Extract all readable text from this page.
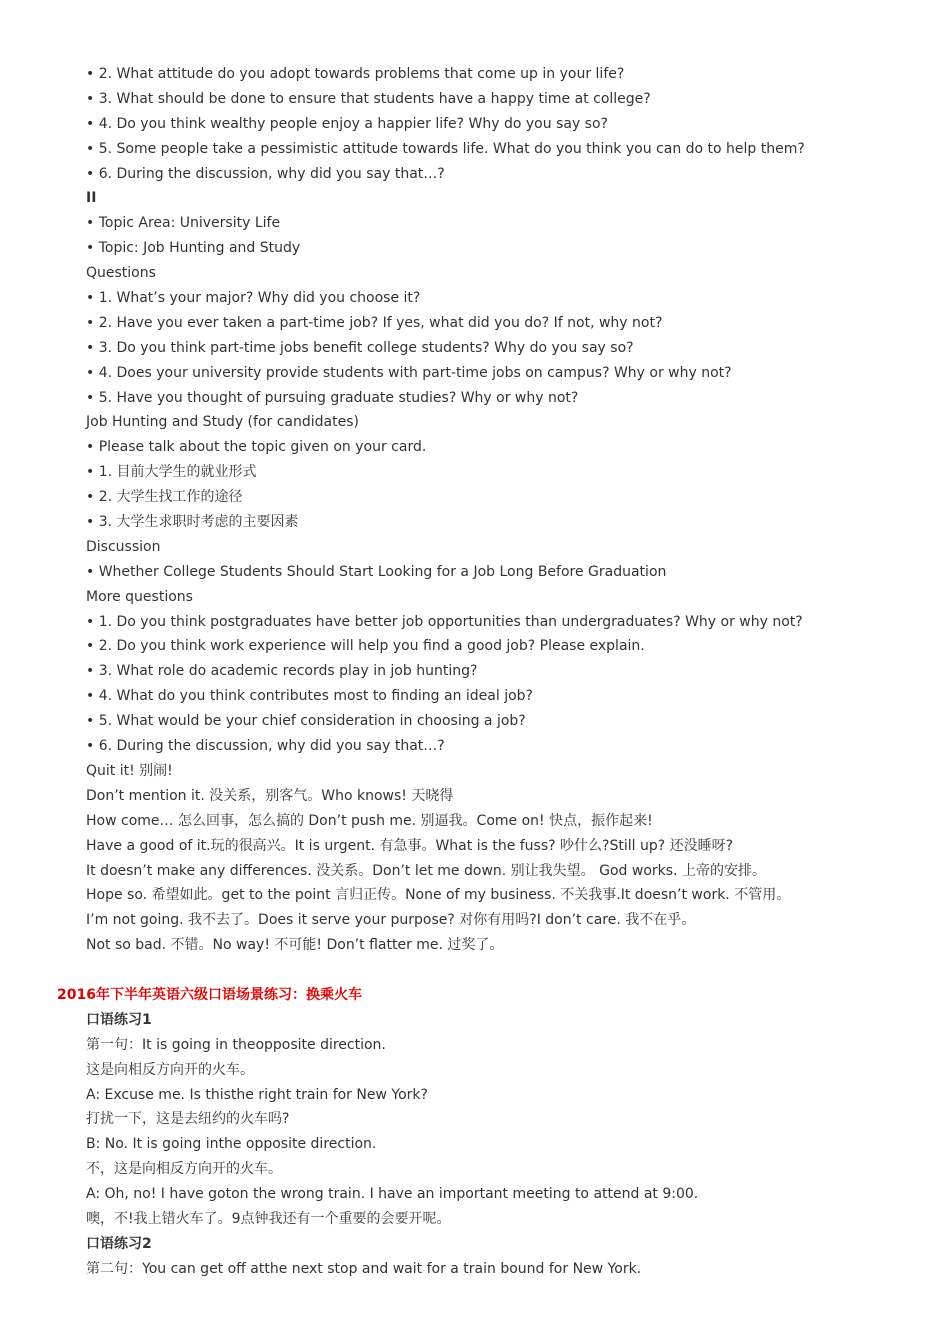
• 2. What attitude do you adopt towards problems that come up in your life?
• 3. What should be done to ensure that students have a happy time at college?
• 4. Do you think wealthy people enjoy a happier life? Why do you say so?
• 5. Some people take a pessimistic attitude towards life. What do you think you can do to help them?
• 6. During the discussion, why did you say that…?
II
• Topic Area: University Life
• Topic: Job Hunting and Study
Questions
• 1. What’s your major? Why did you choose it?
• 2. Have you ever taken a part-time job? If yes, what did you do? If not, why not?
• 3. Do you think part-time jobs benefit college students? Why do you say so?
• 4. Does your university provide students with part-time jobs on campus? Why or why not?
• 5. Have you thought of pursuing graduate studies? Why or why not?
Job Hunting and Study (for candidates)
• Please talk about the topic given on your card.
• 1. 目前大学生的就业形式
• 2. 大学生找工作的途径
• 3. 大学生求职时考虑的主要因素
Discussion
• Whether College Students Should Start Looking for a Job Long Before Graduation
More questions
• 1. Do you think postgraduates have better job opportunities than undergraduates? Why or why not?
• 2. Do you think work experience will help you find a good job? Please explain.
• 3. What role do academic records play in job hunting?
• 4. What do you think contributes most to finding an ideal job?
• 5. What would be your chief consideration in choosing a job?
• 6. During the discussion, why did you say that…?
Quit it! 别闹!
Don’t mention it. 没关系，别客气。Who knows! 天晓得
How come… 怎么回事，怎么搞的 Don’t push me. 别逼我。Come on! 快点，振作起来!
Have a good of it.玩的很高兴。It is urgent. 有急事。What is the fuss? 吵什么?Still up? 还没睡呀?
It doesn’t make any differences. 没关系。Don’t let me down. 别让我失望。 God works. 上帝的安排。
Hope so. 希望如此。get to the point 言归正传。None of my business. 不关我事.It doesn’t work. 不管用。
I’m not going. 我不去了。Does it serve your purpose? 对你有用吗?I don’t care. 我不在乎。
Not so bad. 不错。No way! 不可能! Don’t flatter me. 过奖了。
2016年下半年英语六级口语场景练习：换乘火车
口语练习1
第一句：It is going in theopposite direction.
这是向相反方向开的火车。
A: Excuse me. Is thisthe right train for New York?
打扰一下，这是去纽约的火车吗?
B: No. It is going inthe opposite direction.
不，这是向相反方向开的火车。
A: Oh, no! I have goton the wrong train. I have an important meeting to attend at 9:00.
噢，不!我上错火车了。9点钟我还有一个重要的会要开呢。
口语练习2
第二句：You can get off atthe next stop and wait for a train bound for New York.
